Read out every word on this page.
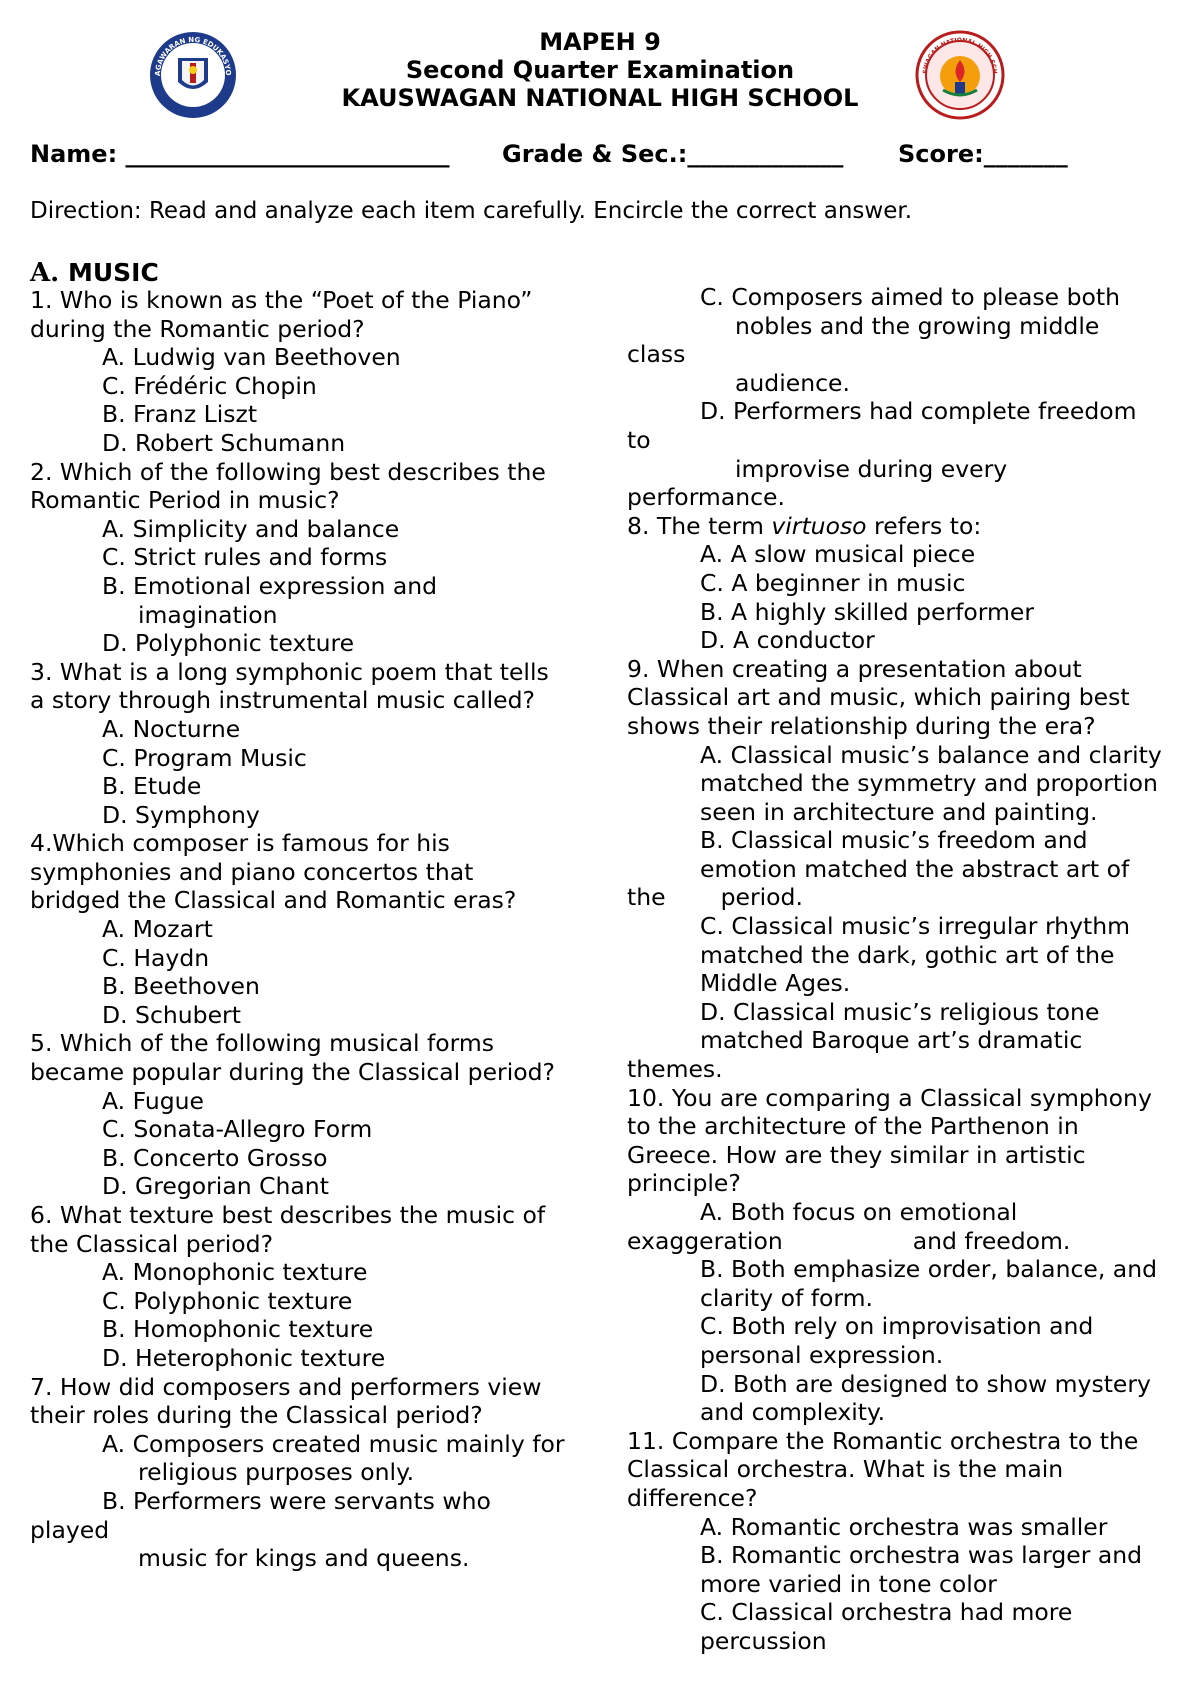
AGAWARAN NG EDUKASYO	SWAGAN NATIONAL HIGH SCH
MAPEH 9
Second Quarter Examination
KAUSWAGAN NATIONAL HIGH SCHOOL
Name: ___________________________ Grade & Sec.:_____________ Score:_______
Direction: Read and analyze each item carefully. Encircle the correct answer.
A. MUSIC
1. Who is known as the “Poet of the Piano”
during the Romantic period?
A. Ludwig van Beethoven
C. Frédéric Chopin
B. Franz Liszt
D. Robert Schumann
2. Which of the following best describes the
Romantic Period in music?
A. Simplicity and balance
C. Strict rules and forms
B. Emotional expression and
imagination
D. Polyphonic texture
3. What is a long symphonic poem that tells
a story through instrumental music called?
A. Nocturne
C. Program Music
B. Etude
D. Symphony
4.Which composer is famous for his
symphonies and piano concertos that
bridged the Classical and Romantic eras?
A. Mozart
C. Haydn
B. Beethoven
D. Schubert
5. Which of the following musical forms
became popular during the Classical period?
A. Fugue
C. Sonata-Allegro Form
B. Concerto Grosso
D. Gregorian Chant
6. What texture best describes the music of
the Classical period?
A. Monophonic texture
C. Polyphonic texture
B. Homophonic texture
D. Heterophonic texture
7. How did composers and performers view
their roles during the Classical period?
A. Composers created music mainly for
religious purposes only.
B. Performers were servants who
played
music for kings and queens.
C. Composers aimed to please both
nobles and the growing middle
class
audience.
D. Performers had complete freedom
to
improvise during every
performance.
8. The term virtuoso refers to:
A. A slow musical piece
C. A beginner in music
B. A highly skilled performer
D. A conductor
9. When creating a presentation about
Classical art and music, which pairing best
shows their relationship during the era?
A. Classical music’s balance and clarity
matched the symmetry and proportion
seen in architecture and painting.
B. Classical music’s freedom and
emotion matched the abstract art of
the period.
C. Classical music’s irregular rhythm
matched the dark, gothic art of the
Middle Ages.
D. Classical music’s religious tone
matched Baroque art’s dramatic
themes.
10. You are comparing a Classical symphony
to the architecture of the Parthenon in
Greece. How are they similar in artistic
principle?
A. Both focus on emotional
exaggeration	and freedom.
B. Both emphasize order, balance, and
clarity of form.
C. Both rely on improvisation and
personal expression.
D. Both are designed to show mystery
and complexity.
11. Compare the Romantic orchestra to the
Classical orchestra. What is the main
difference?
A. Romantic orchestra was smaller
B. Romantic orchestra was larger and
more varied in tone color
C. Classical orchestra had more
percussion
